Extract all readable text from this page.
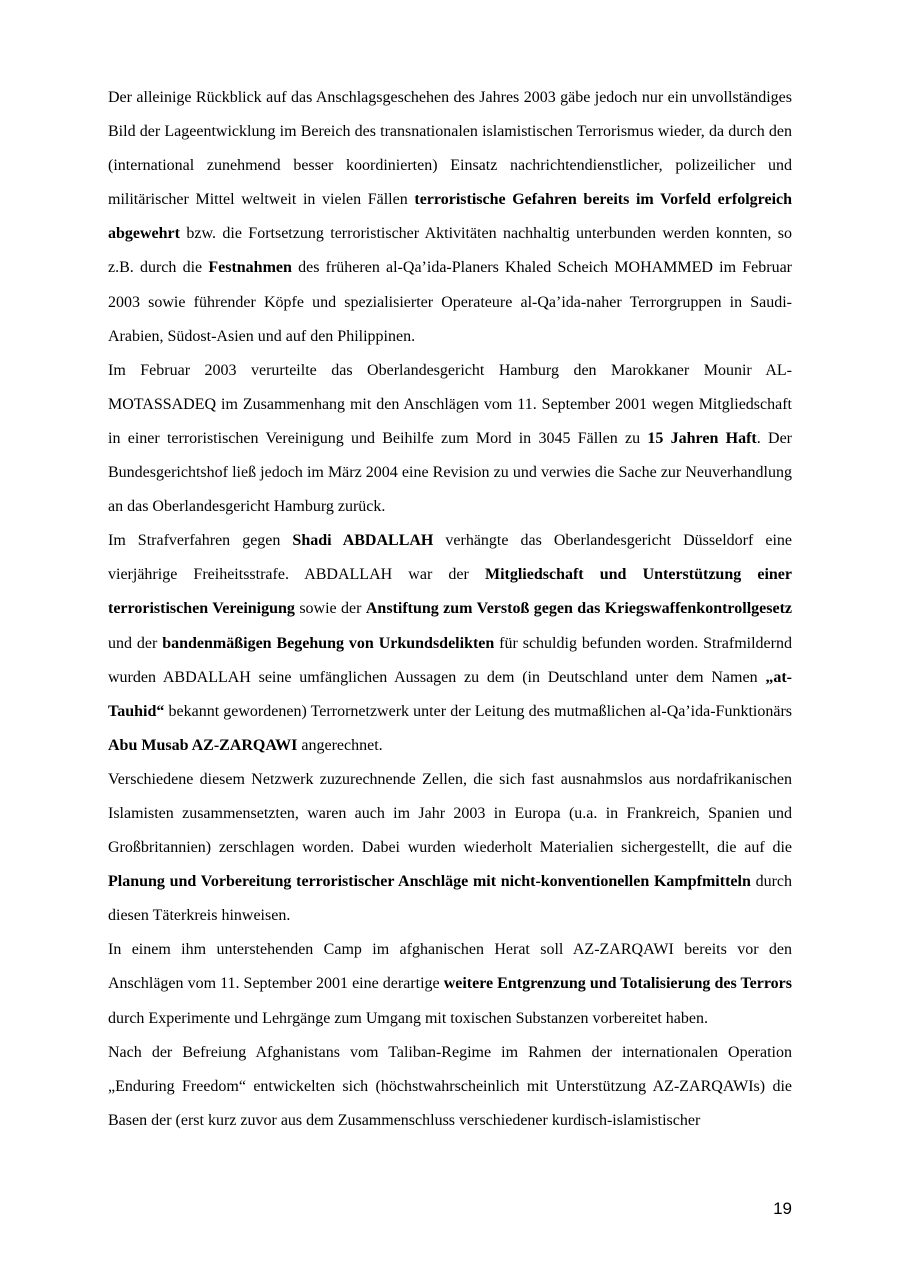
Der alleinige Rückblick auf das Anschlagsgeschehen des Jahres 2003 gäbe jedoch nur ein unvollständiges Bild der Lageentwicklung im Bereich des transnationalen islamistischen Terrorismus wieder, da durch den (international zunehmend besser koordinierten) Einsatz nachrichtendienstlicher, polizeilicher und militärischer Mittel weltweit in vielen Fällen terroristische Gefahren bereits im Vorfeld erfolgreich abgewehrt bzw. die Fortsetzung terroristischer Aktivitäten nachhaltig unterbunden werden konnten, so z.B. durch die Festnahmen des früheren al-Qa’ida-Planers Khaled Scheich MOHAMMED im Februar 2003 sowie führender Köpfe und spezialisierter Operateure al-Qa’ida-naher Terrorgruppen in Saudi-Arabien, Südost-Asien und auf den Philippinen.

Im Februar 2003 verurteilte das Oberlandesgericht Hamburg den Marokkaner Mounir AL-MOTASSADEQ im Zusammenhang mit den Anschlägen vom 11. September 2001 wegen Mitgliedschaft in einer terroristischen Vereinigung und Beihilfe zum Mord in 3045 Fällen zu 15 Jahren Haft. Der Bundesgerichtshof ließ jedoch im März 2004 eine Revision zu und verwies die Sache zur Neuverhandlung an das Oberlandesgericht Hamburg zurück.

Im Strafverfahren gegen Shadi ABDALLAH verhängte das Oberlandesgericht Düsseldorf eine vierjährige Freiheitsstrafe. ABDALLAH war der Mitgliedschaft und Unterstützung einer terroristischen Vereinigung sowie der Anstiftung zum Verstoß gegen das Kriegswaffenkontrollgesetz und der bandenmäßigen Begehung von Urkundsdelikten für schuldig befunden worden. Strafmildernd wurden ABDALLAH seine umfänglichen Aussagen zu dem (in Deutschland unter dem Namen „at-Tauhid“ bekannt gewordenen) Terrornetzwerk unter der Leitung des mutmaßlichen al-Qa’ida-Funktionärs Abu Musab AZ-ZARQAWI angerechnet.

Verschiedene diesem Netzwerk zuzurechnende Zellen, die sich fast ausnahmslos aus nordafrikanischen Islamisten zusammensetzten, waren auch im Jahr 2003 in Europa (u.a. in Frankreich, Spanien und Großbritannien) zerschlagen worden. Dabei wurden wiederholt Materialien sichergestellt, die auf die Planung und Vorbereitung terroristischer Anschläge mit nicht-konventionellen Kampfmitteln durch diesen Täterkreis hinweisen.

In einem ihm unterstehenden Camp im afghanischen Herat soll AZ-ZARQAWI bereits vor den Anschlägen vom 11. September 2001 eine derartige weitere Entgrenzung und Totalisierung des Terrors durch Experimente und Lehrgänge zum Umgang mit toxischen Substanzen vorbereitet haben.

Nach der Befreiung Afghanistans vom Taliban-Regime im Rahmen der internationalen Operation „Enduring Freedom“ entwickelten sich (höchstwahrscheinlich mit Unterstützung AZ-ZARQAWIs) die Basen der (erst kurz zuvor aus dem Zusammenschluss verschiedener kurdisch-islamistischer

19
